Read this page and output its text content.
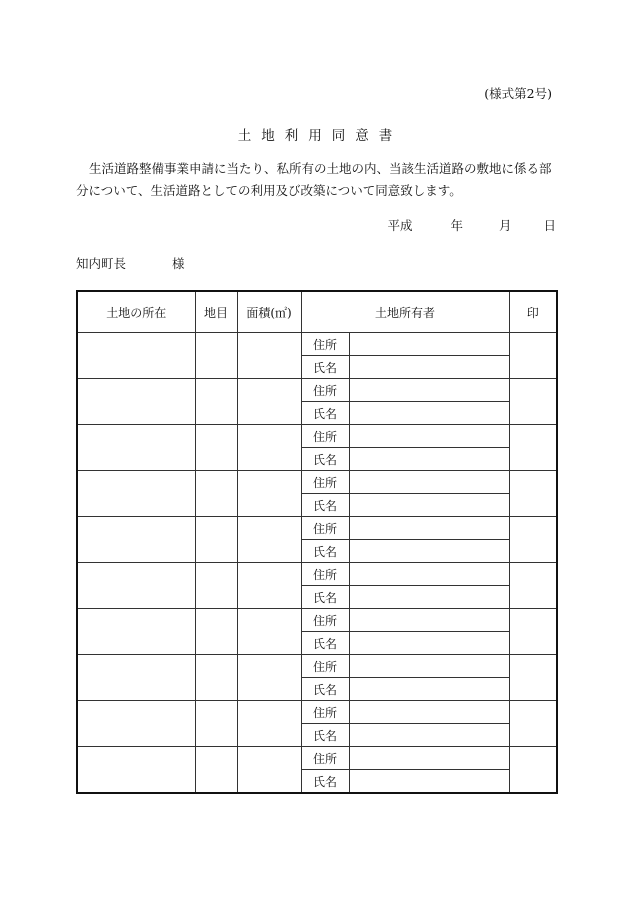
(様式第2号)
土地利用同意書
生活道路整備事業申請に当たり、私所有の土地の内、当該生活道路の敷地に係る部分について、生活道路としての利用及び改築について同意致します。
平成	年	月	日
知内町長	様
土地の所在	地目	面積(㎡)	土地所有者		印
			住所		
			氏名		
			住所		
			氏名		
			住所		
			氏名		
			住所		
			氏名		
			住所		
			氏名		
			住所		
			氏名		
			住所		
			氏名		
			住所		
			氏名		
			住所		
			氏名		
			住所		
			氏名		
